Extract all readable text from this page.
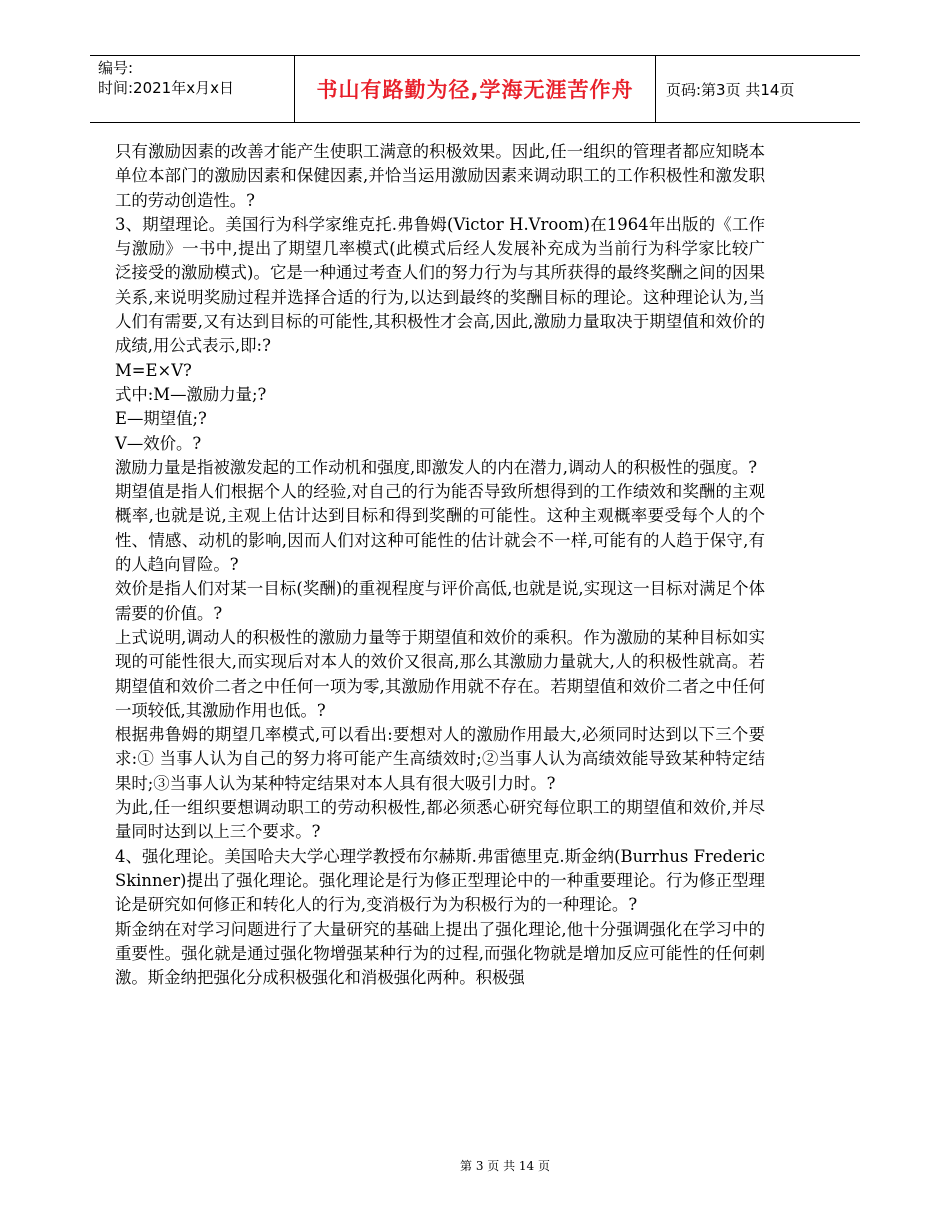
编号:
时间:2021年x月x日	书山有路勤为径,学海无涯苦作舟	页码:第3页 共14页

只有激励因素的改善才能产生使职工满意的积极效果。因此,任一组织的管理者都应知晓本单位本部门的激励因素和保健因素,并恰当运用激励因素来调动职工的工作积极性和激发职工的劳动创造性。?

3、期望理论。美国行为科学家维克托.弗鲁姆(Victor H.Vroom)在1964年出版的《工作与激励》一书中,提出了期望几率模式(此模式后经人发展补充成为当前行为科学家比较广泛接受的激励模式)。它是一种通过考查人们的努力行为与其所获得的最终奖酬之间的因果关系,来说明奖励过程并选择合适的行为,以达到最终的奖酬目标的理论。这种理论认为,当人们有需要,又有达到目标的可能性,其积极性才会高,因此,激励力量取决于期望值和效价的成绩,用公式表示,即:?

M=E×V?

式中:M—激励力量;?

E—期望值;?

V—效价。?

激励力量是指被激发起的工作动机和强度,即激发人的内在潜力,调动人的积极性的强度。?

期望值是指人们根据个人的经验,对自己的行为能否导致所想得到的工作绩效和奖酬的主观概率,也就是说,主观上估计达到目标和得到奖酬的可能性。这种主观概率要受每个人的个性、情感、动机的影响,因而人们对这种可能性的估计就会不一样,可能有的人趋于保守,有的人趋向冒险。?

效价是指人们对某一目标(奖酬)的重视程度与评价高低,也就是说,实现这一目标对满足个体需要的价值。?

上式说明,调动人的积极性的激励力量等于期望值和效价的乘积。作为激励的某种目标如实现的可能性很大,而实现后对本人的效价又很高,那么其激励力量就大,人的积极性就高。若期望值和效价二者之中任何一项为零,其激励作用就不存在。若期望值和效价二者之中任何一项较低,其激励作用也低。?

根据弗鲁姆的期望几率模式,可以看出:要想对人的激励作用最大,必须同时达到以下三个要求:① 当事人认为自己的努力将可能产生高绩效时;②当事人认为高绩效能导致某种特定结果时;③当事人认为某种特定结果对本人具有很大吸引力时。?

为此,任一组织要想调动职工的劳动积极性,都必须悉心研究每位职工的期望值和效价,并尽量同时达到以上三个要求。?

4、强化理论。美国哈夫大学心理学教授布尔赫斯.弗雷德里克.斯金纳(Burrhus Frederic Skinner)提出了强化理论。强化理论是行为修正型理论中的一种重要理论。行为修正型理论是研究如何修正和转化人的行为,变消极行为为积极行为的一种理论。?

斯金纳在对学习问题进行了大量研究的基础上提出了强化理论,他十分强调强化在学习中的重要性。强化就是通过强化物增强某种行为的过程,而强化物就是增加反应可能性的任何刺激。斯金纳把强化分成积极强化和消极强化两种。积极强

第 3 页 共 14 页
